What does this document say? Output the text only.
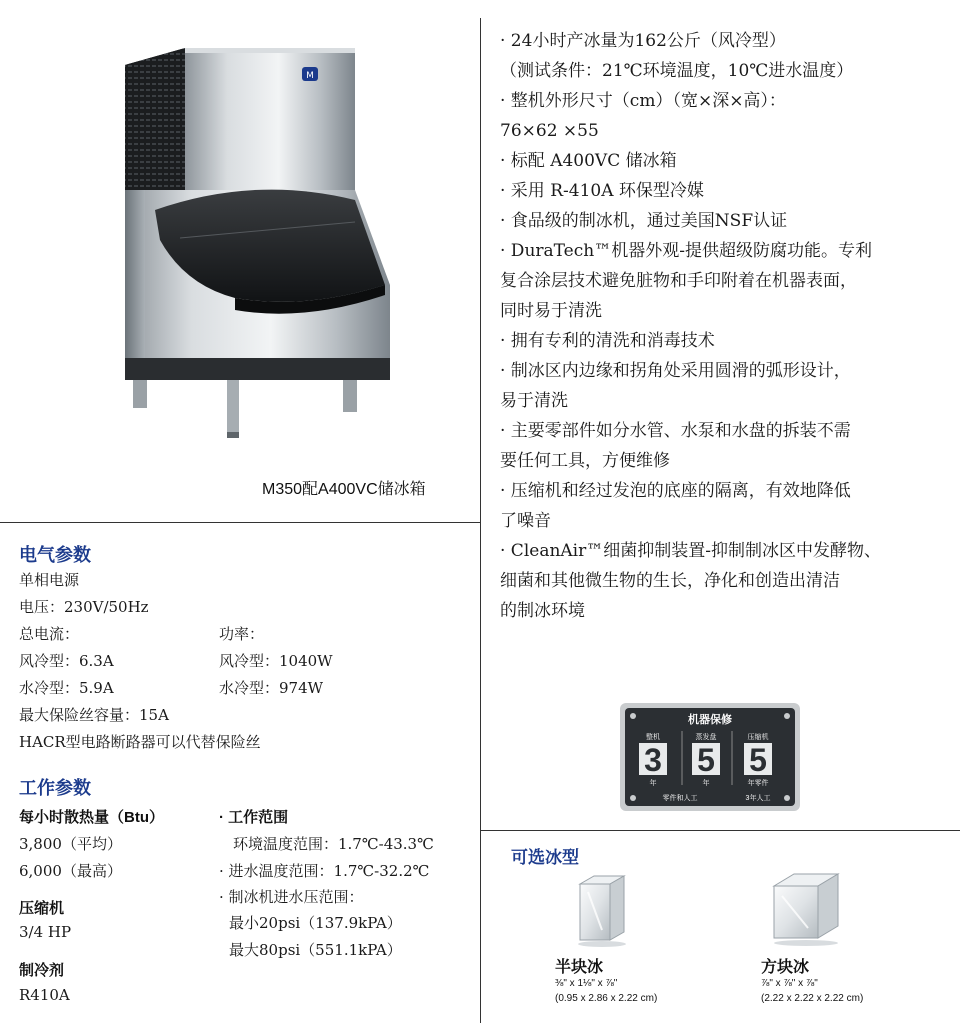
M
M350配A400VC储冰箱
电气参数
单相电源
电压：230V/50Hz
总电流：	功率：
风冷型：6.3A	风冷型：1040W
水冷型：5.9A	水冷型：974W
最大保险丝容量：15A
HACR型电路断路器可以代替保险丝
工作参数
每小时散热量（Btu）
3,800（平均）
6,000（最高）
压缩机
3/4 HP
制冷剂
R410A
· 工作范围
环境温度范围：1.7℃-43.3℃
· 进水温度范围：1.7℃-32.2℃
· 制冰机进水压范围：
最小20psi（137.9kPA）
最大80psi（551.1kPA）
· 24小时产冰量为162公斤（风冷型）
（测试条件：21℃环境温度，10℃进水温度）
· 整机外形尺寸（cm）（宽×深×高）：
76×62 ×55
· 标配 A400VC 储冰箱
· 采用 R-410A 环保型冷媒
· 食品级的制冰机，通过美国NSF认证
· DuraTech™机器外观-提供超级防腐功能。专利
复合涂层技术避免脏物和手印附着在机器表面，
同时易于清洗
· 拥有专利的清洗和消毒技术
· 制冰区内边缘和拐角处采用圆滑的弧形设计，
易于清洗
· 主要零部件如分水管、水泵和水盘的拆装不需
要任何工具，方便维修
· 压缩机和经过发泡的底座的隔离，有效地降低
了噪音
· CleanAir™细菌抑制装置-抑制制冰区中发酵物、
细菌和其他微生物的生长，净化和创造出清洁
的制冰环境
机器保修
整机	蒸发盘	压缩机
3 5 5
年	年	年零件
零件和人工	3年人工
可选冰型
半块冰
⅜" x 1⅛" x ⅞"
(0.95 x 2.86 x 2.22 cm)
方块冰
⅞" x ⅞" x ⅞"
(2.22 x 2.22 x 2.22 cm)
